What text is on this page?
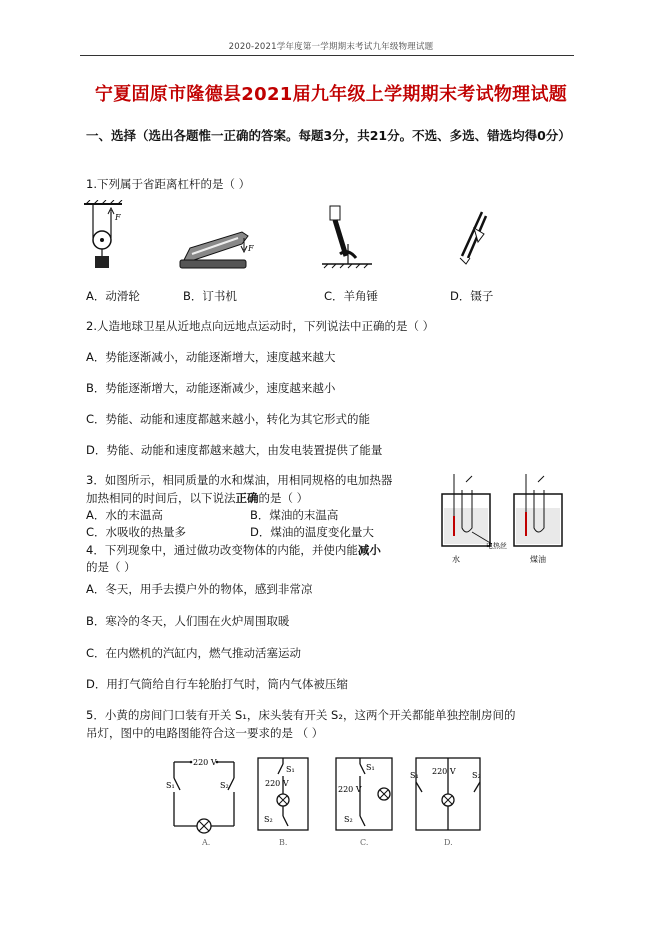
2020-2021学年度第一学期期末考试九年级物理试题
宁夏固原市隆德县2021届九年级上学期期末考试物理试题
一、选择（选出各题惟一正确的答案。每题3分，共21分。不选、多选、错选均得0分）
1.下列属于省距离杠杆的是（ ）
F
F
A．动滑轮	B．订书机	C．羊角锤	D．镊子
2.人造地球卫星从近地点向远地点运动时，下列说法中正确的是（ ）
A．势能逐渐减小，动能逐渐增大，速度越来越大
B．势能逐渐增大，动能逐渐减少，速度越来越小
C．势能、动能和速度都越来越小，转化为其它形式的能
D．势能、动能和速度都越来越大，由发电装置提供了能量
3．如图所示，相同质量的水和煤油，用相同规格的电加热器
加热相同的时间后，以下说法正确的是（ ）
A．水的末温高	B．煤油的末温高
C．水吸收的热量多	D．煤油的温度变化量大
水
电热丝
煤油
4．下列现象中，通过做功改变物体的内能，并使内能减小
的是（ ）
A．冬天，用手去摸户外的物体，感到非常凉
B．寒冷的冬天，人们围在火炉周围取暖
C．在内燃机的汽缸内，燃气推动活塞运动
D．用打气筒给自行车轮胎打气时，筒内气体被压缩
5．小黄的房间门口装有开关 S₁，床头装有开关 S₂，这两个开关都能单独控制房间的
吊灯，图中的电路图能符合这一要求的是 （ ）
220 V
S₁	S₂
A.
S₁
220 V
S₂
B.
S₁
220 V
S₂
C.
S₁	S₂
220 V
D.
